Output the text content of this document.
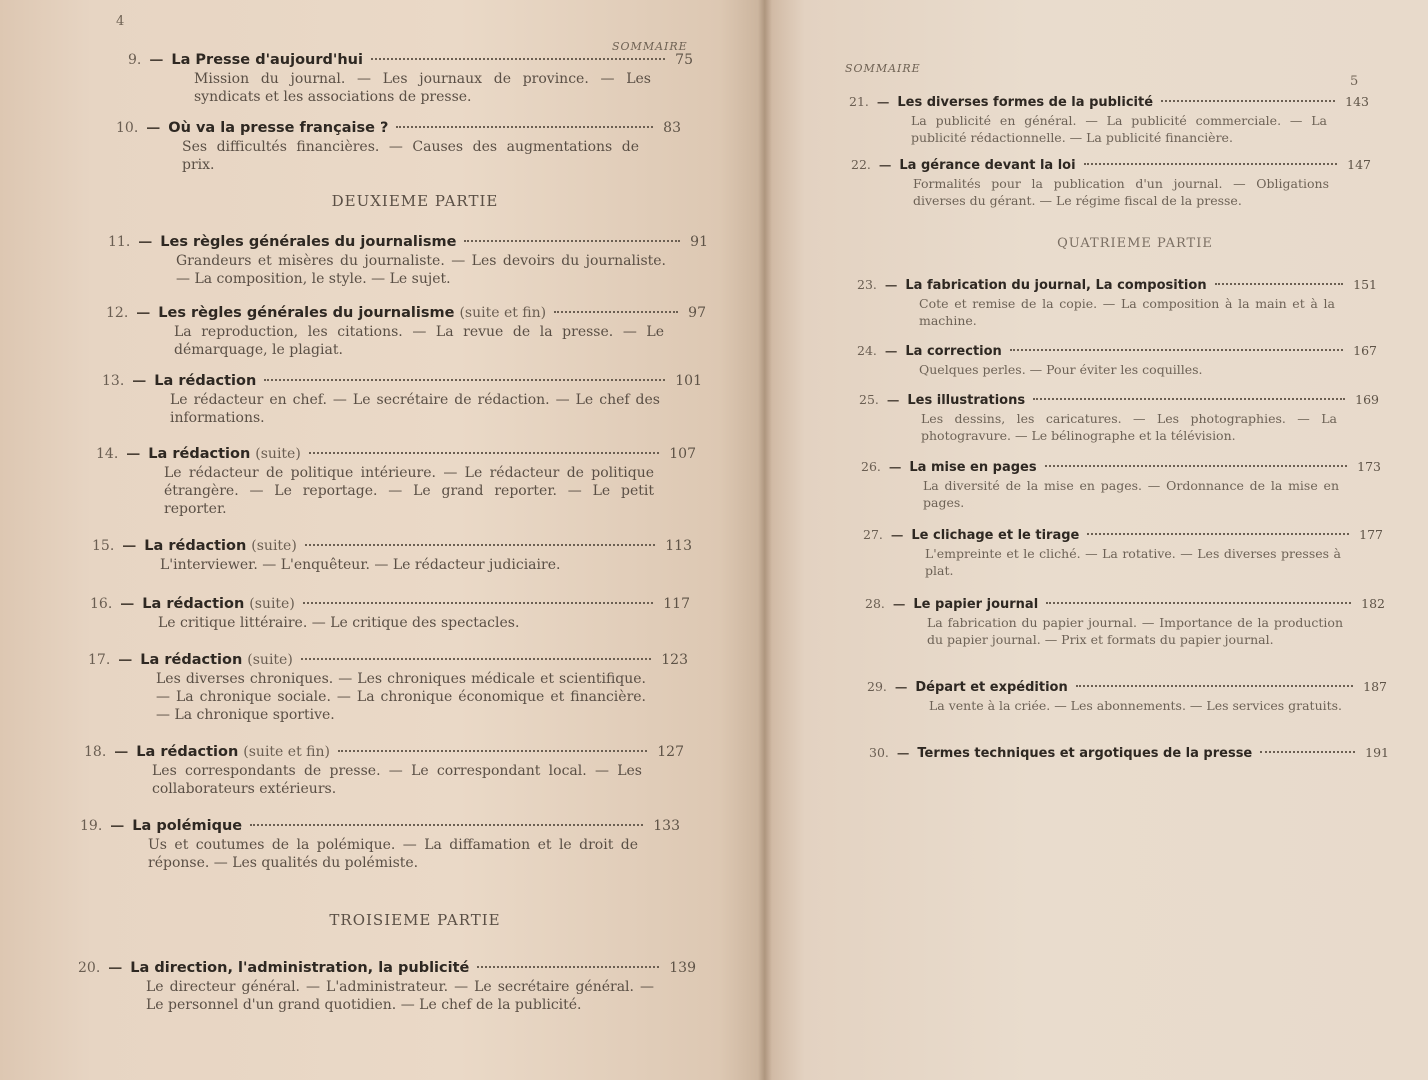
4
SOMMAIRE
DEUXIEME PARTIE
TROISIEME PARTIE
9. — La Presse d'aujourd'hui	75
Mission du journal. — Les journaux de province. — Les syndicats et les associations de presse.
10. — Où va la presse française ?	83
Ses difficultés financières. — Causes des augmentations de prix.
11. — Les règles générales du journalisme	91
Grandeurs et misères du journaliste. — Les devoirs du journaliste. — La composition, le style. — Le sujet.
12. — Les règles générales du journalisme (suite et fin)	97
La reproduction, les citations. — La revue de la presse. — Le démarquage, le plagiat.
13. — La rédaction	101
Le rédacteur en chef. — Le secrétaire de rédaction. — Le chef des informations.
14. — La rédaction (suite)	107
Le rédacteur de politique intérieure. — Le rédacteur de politique étrangère. — Le reportage. — Le grand reporter. — Le petit reporter.
15. — La rédaction (suite)	113
L'interviewer. — L'enquêteur. — Le rédacteur judiciaire.
16. — La rédaction (suite)	117
Le critique littéraire. — Le critique des spectacles.
17. — La rédaction (suite)	123
Les diverses chroniques. — Les chroniques médicale et scientifique. — La chronique sociale. — La chronique économique et financière. — La chronique sportive.
18. — La rédaction (suite et fin)	127
Les correspondants de presse. — Le correspondant local. — Les collaborateurs extérieurs.
19. — La polémique	133
Us et coutumes de la polémique. — La diffamation et le droit de réponse. — Les qualités du polémiste.
20. — La direction, l'administration, la publicité	139
Le directeur général. — L'administrateur. — Le secrétaire général. — Le personnel d'un grand quotidien. — Le chef de la publicité.
SOMMAIRE
5
QUATRIEME PARTIE
21. — Les diverses formes de la publicité	143
La publicité en général. — La publicité commerciale. — La publicité rédactionnelle. — La publicité financière.
22. — La gérance devant la loi	147
Formalités pour la publication d'un journal. — Obligations diverses du gérant. — Le régime fiscal de la presse.
23. — La fabrication du journal, La composition	151
Cote et remise de la copie. — La composition à la main et à la machine.
24. — La correction	167
Quelques perles. — Pour éviter les coquilles.
25. — Les illustrations	169
Les dessins, les caricatures. — Les photographies. — La photogravure. — Le bélinographe et la télévision.
26. — La mise en pages	173
La diversité de la mise en pages. — Ordonnance de la mise en pages.
27. — Le clichage et le tirage	177
L'empreinte et le cliché. — La rotative. — Les diverses presses à plat.
28. — Le papier journal	182
La fabrication du papier journal. — Importance de la production du papier journal. — Prix et formats du papier journal.
29. — Départ et expédition	187
La vente à la criée. — Les abonnements. — Les services gratuits.
30. — Termes techniques et argotiques de la presse	191
